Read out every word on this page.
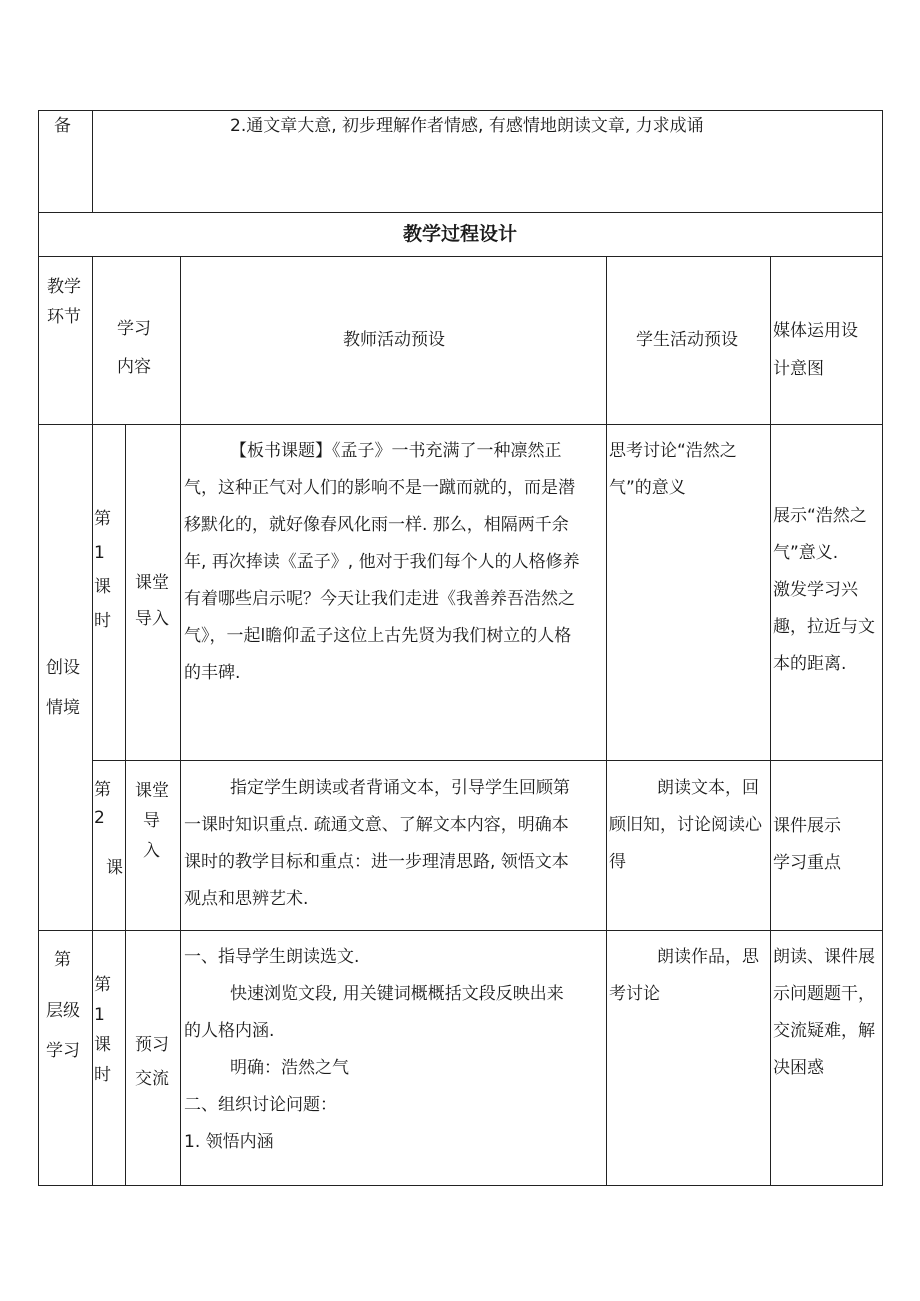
备	2.通文章大意, 初步理解作者情感, 有感情地朗读文章, 力求成诵
教学过程设计
教学
环节
学习
内容
教师活动预设	学生活动预设 媒体运用设
计意图
创设
情境
第
1
课
时
课堂
导入
【板书课题】《孟子》一书充满了一种凛然正
气，这种正气对人们的影响不是一蹴而就的，而是潜
移默化的，就好像春风化雨一样. 那么，相隔两千余
年, 再次捧读《孟子》, 他对于我们每个人的人格修养
有着哪些启示呢？今天让我们走进《我善养吾浩然之
气》，一起l瞻仰孟子这位上古先贤为我们树立的人格
的丰碑.
思考讨论“浩然之
气”的意义
展示“浩然之
气”意义.
激发学习兴
趣，拉近与文
本的距离.
第
2
课
课堂
导
入
指定学生朗读或者背诵文本，引导学生回顾第
一课时知识重点. 疏通文意、了解文本内容，明确本
课时的教学目标和重点：进一步理清思路, 领悟文本
观点和思辨艺术.
朗读文本，回
顾旧知，讨论阅读心
得
课件展示
学习重点
第
层级
学习
第
1
课
时
预习
交流
一、指导学生朗读选文.
快速浏览文段, 用关键词概概括文段反映出来
的人格内涵.
明确：浩然之气
二、组织讨论问题：
1. 领悟内涵
朗读作品，思
考讨论
朗读、课件展
示问题题干，
交流疑难，解
决困惑
